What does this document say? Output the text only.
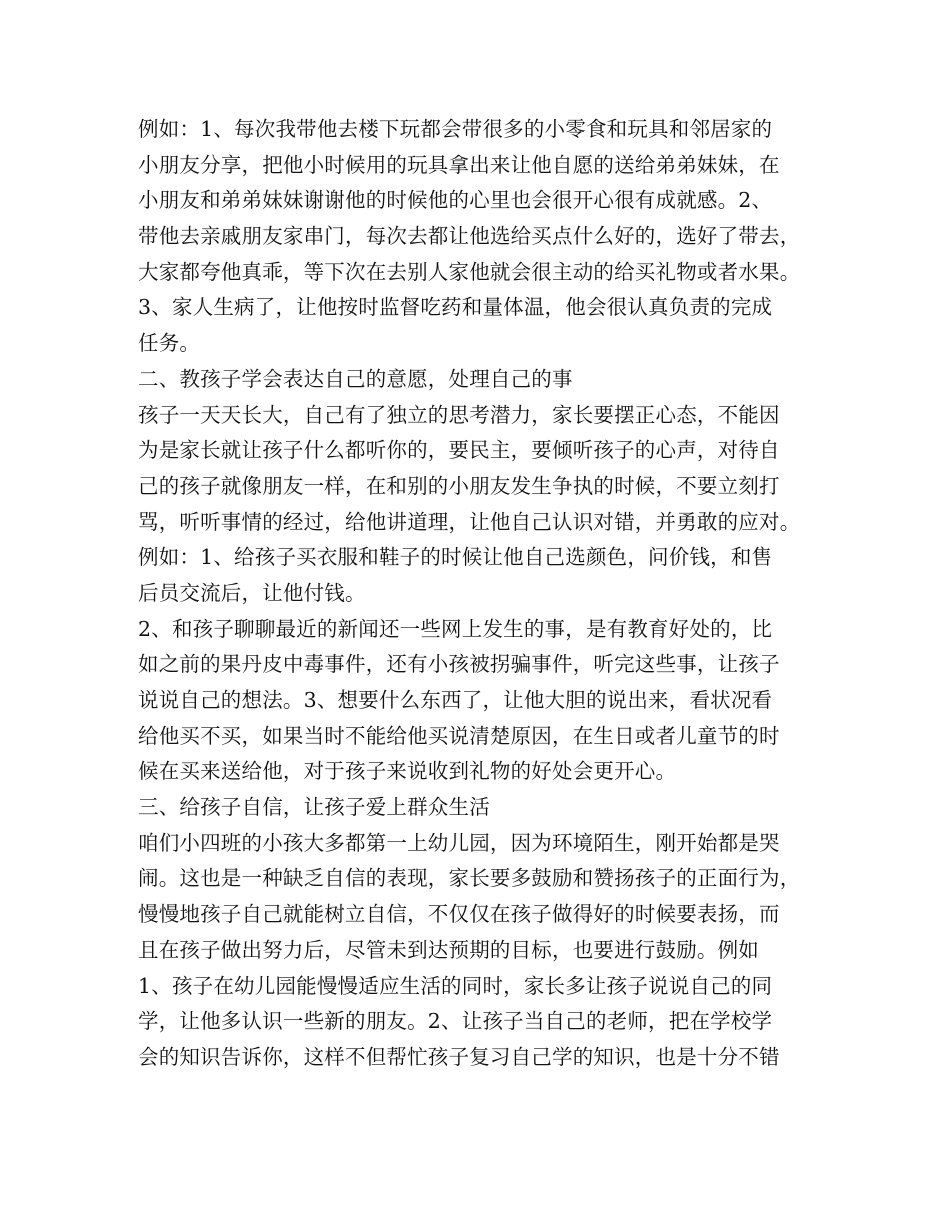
例如：1、每次我带他去楼下玩都会带很多的小零食和玩具和邻居家的
小朋友分享，把他小时候用的玩具拿出来让他自愿的送给弟弟妹妹，在
小朋友和弟弟妹妹谢谢他的时候他的心里也会很开心很有成就感。2、
带他去亲戚朋友家串门，每次去都让他选给买点什么好的，选好了带去，
大家都夸他真乖，等下次在去别人家他就会很主动的给买礼物或者水果。
3、家人生病了，让他按时监督吃药和量体温，他会很认真负责的完成
任务。
二、教孩子学会表达自己的意愿，处理自己的事
孩子一天天长大，自己有了独立的思考潜力，家长要摆正心态，不能因
为是家长就让孩子什么都听你的，要民主，要倾听孩子的心声，对待自
己的孩子就像朋友一样，在和别的小朋友发生争执的时候，不要立刻打
骂，听听事情的经过，给他讲道理，让他自己认识对错，并勇敢的应对。
例如：1、给孩子买衣服和鞋子的时候让他自己选颜色，问价钱，和售
后员交流后，让他付钱。
2、和孩子聊聊最近的新闻还一些网上发生的事，是有教育好处的，比
如之前的果丹皮中毒事件，还有小孩被拐骗事件，听完这些事，让孩子
说说自己的想法。3、想要什么东西了，让他大胆的说出来，看状况看
给他买不买，如果当时不能给他买说清楚原因，在生日或者儿童节的时
候在买来送给他，对于孩子来说收到礼物的好处会更开心。
三、给孩子自信，让孩子爱上群众生活
咱们小四班的小孩大多都第一上幼儿园，因为环境陌生，刚开始都是哭
闹。这也是一种缺乏自信的表现，家长要多鼓励和赞扬孩子的正面行为，
慢慢地孩子自己就能树立自信，不仅仅在孩子做得好的时候要表扬，而
且在孩子做出努力后，尽管未到达预期的目标，也要进行鼓励。例如
1、孩子在幼儿园能慢慢适应生活的同时，家长多让孩子说说自己的同
学，让他多认识一些新的朋友。2、让孩子当自己的老师，把在学校学
会的知识告诉你，这样不但帮忙孩子复习自己学的知识，也是十分不错
